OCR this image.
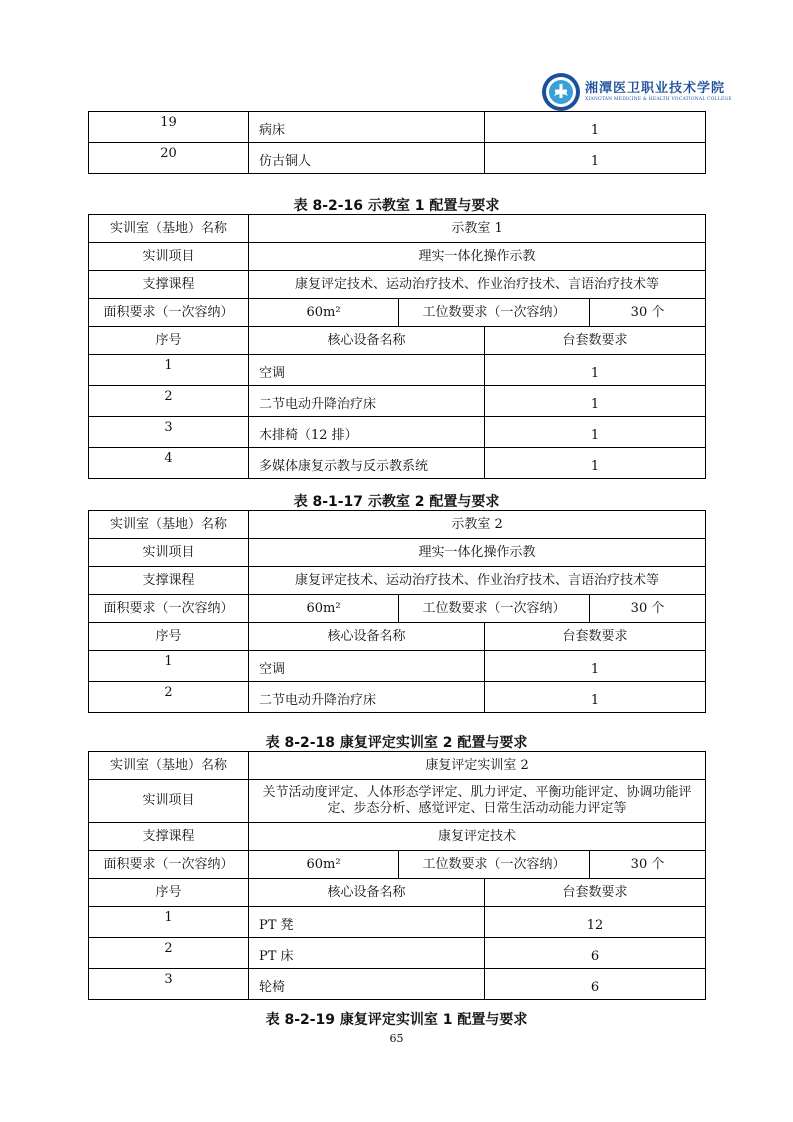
湘潭医卫职业技术学院
XIANGTAN MEDICINE & HEALTH VOCATIONAL COLLEGE
19	病床	1
20	仿古铜人	1
表 8-2-16 示教室 1 配置与要求
实训室（基地）名称	示教室 1			
实训项目	理实一体化操作示教			
支撑课程	康复评定技术、运动治疗技术、作业治疗技术、言语治疗技术等			
面积要求（一次容纳）	60m²	工位数要求（一次容纳）		30 个
序号	核心设备名称		台套数要求	
1	空调		1	
2	二节电动升降治疗床		1	
3	木排椅（12 排）		1	
4	多媒体康复示教与反示教系统		1	
表 8-1-17 示教室 2 配置与要求
实训室（基地）名称	示教室 2			
实训项目	理实一体化操作示教			
支撑课程	康复评定技术、运动治疗技术、作业治疗技术、言语治疗技术等			
面积要求（一次容纳）	60m²	工位数要求（一次容纳）		30 个
序号	核心设备名称		台套数要求	
1	空调		1	
2	二节电动升降治疗床		1	
表 8-2-18 康复评定实训室 2 配置与要求
实训室（基地）名称	康复评定实训室 2			
实训项目	关节活动度评定、人体形态学评定、肌力评定、平衡功能评定、协调功能评定、步态分析、感觉评定、日常生活动动能力评定等			
支撑课程	康复评定技术			
面积要求（一次容纳）	60m²	工位数要求（一次容纳）		30 个
序号	核心设备名称		台套数要求	
1	PT 凳		12	
2	PT 床		6	
3	轮椅		6	
表 8-2-19 康复评定实训室 1 配置与要求
65
